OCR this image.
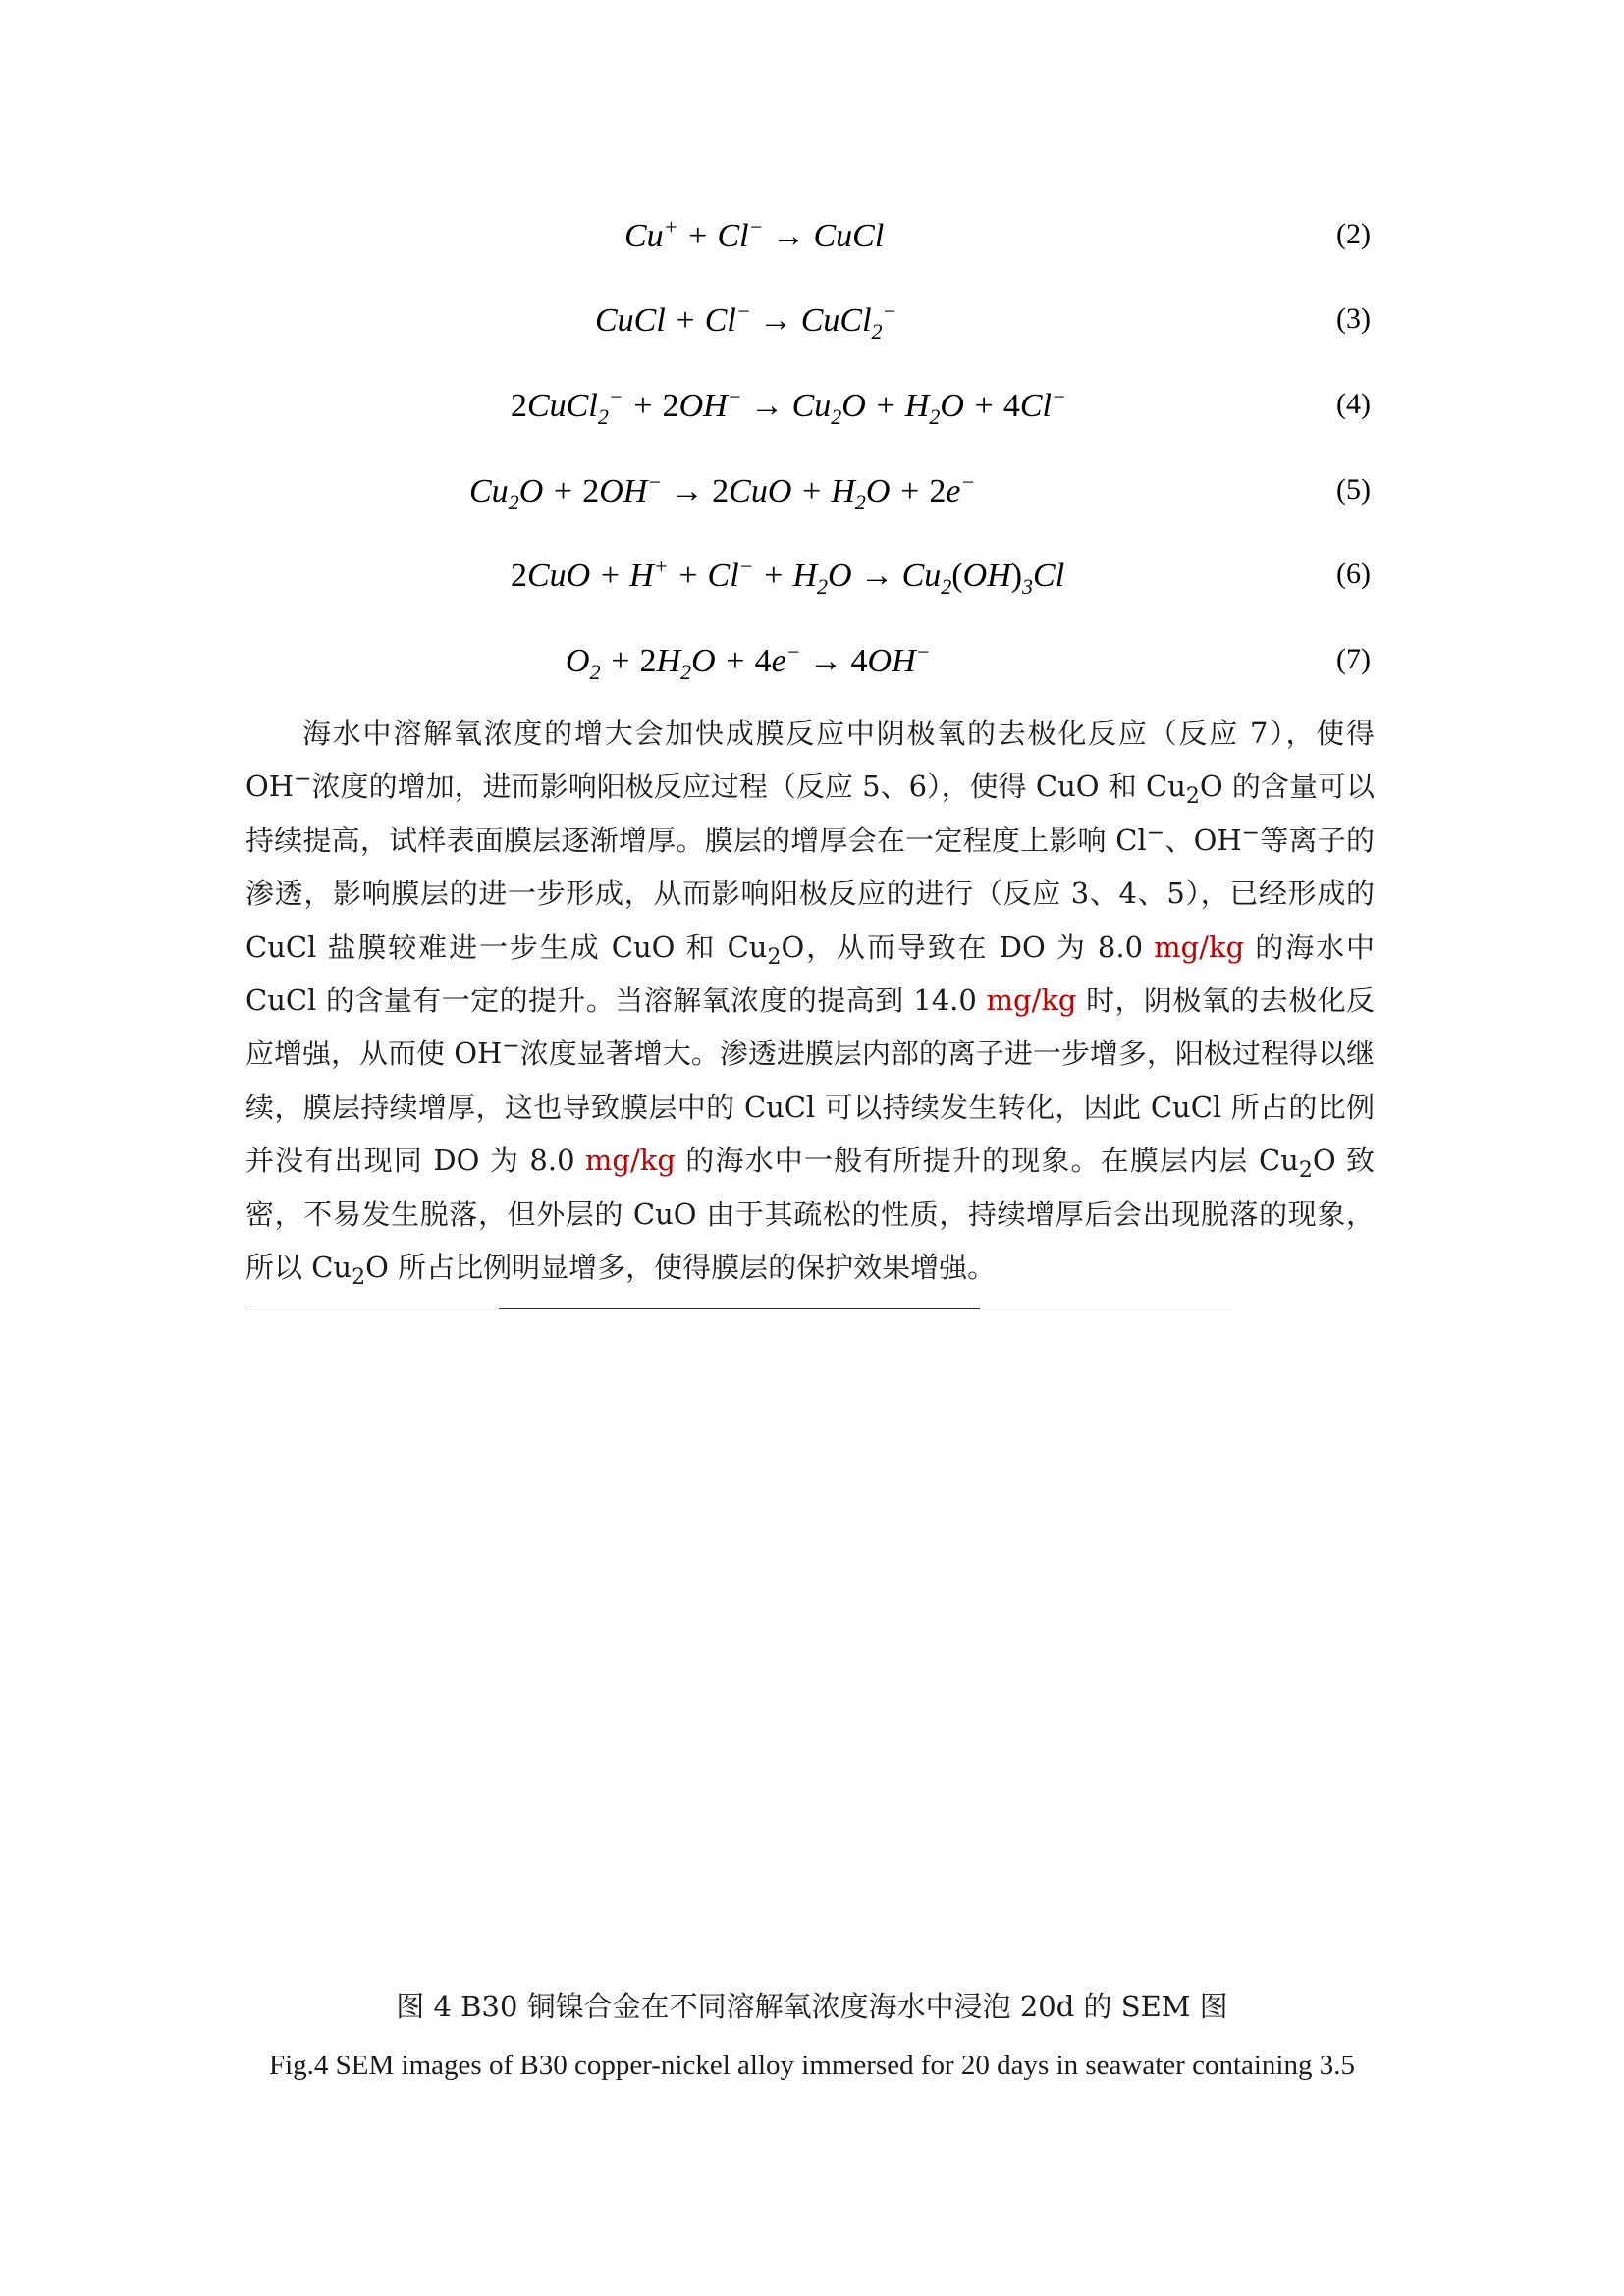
Cu+ + Cl− → CuCl	(2)
CuCl + Cl− → CuCl$_2$−	(3)
2CuCl$_2$− + $2OH^- \to Cu_2O + H_2O + 4Cl^-$	(4)
$Cu_2O + 2OH^- \to 2CuO + H_2O + 2e^-$	(5)
$2CuO + H^+ + Cl^- + H_2O \to Cu_2(OH)_3Cl$	(6)
$O_2 + 2H_2O + 4e^- \to 4OH^-$	(7)

海水中溶解氧浓度的增大会加快成膜反应中阴极氧的去极化反应（反应 7），使得 OH−浓度的增加，进而影响阳极反应过程（反应 5、6），使得 CuO 和 $Cu_2O$ 的含量可以持续提高，试样表面膜层逐渐增厚。膜层的增厚会在一定程度上影响 Cl−、OH−等离子的渗透，影响膜层的进一步形成，从而影响阳极反应的进行（反应 3、4、5），已经形成的 CuCl 盐膜较难进一步生成 CuO 和 $Cu_2O$，从而导致在 DO 为 8.0 mg/kg 的海水中 CuCl 的含量有一定的提升。当溶解氧浓度的提高到 14.0 mg/kg 时，阴极氧的去极化反应增强，从而使 OH−浓度显著增大。渗透进膜层内部的离子进一步增多，阳极过程得以继续，膜层持续增厚，这也导致膜层中的 CuCl 可以持续发生转化，因此 CuCl 所占的比例并没有出现同 DO 为 8.0 mg/kg 的海水中一般有所提升的现象。在膜层内层 $Cu_2O$ 致密，不易发生脱落，但外层的 CuO 由于其疏松的性质，持续增厚后会出现脱落的现象，所以 $Cu_2O$ 所占比例明显增多，使得膜层的保护效果增强。

图 4 B30 铜镍合金在不同溶解氧浓度海水中浸泡 20d 的 SEM 图
Fig.4 SEM images of B30 copper-nickel alloy immersed for 20 days in seawater containing 3.5
